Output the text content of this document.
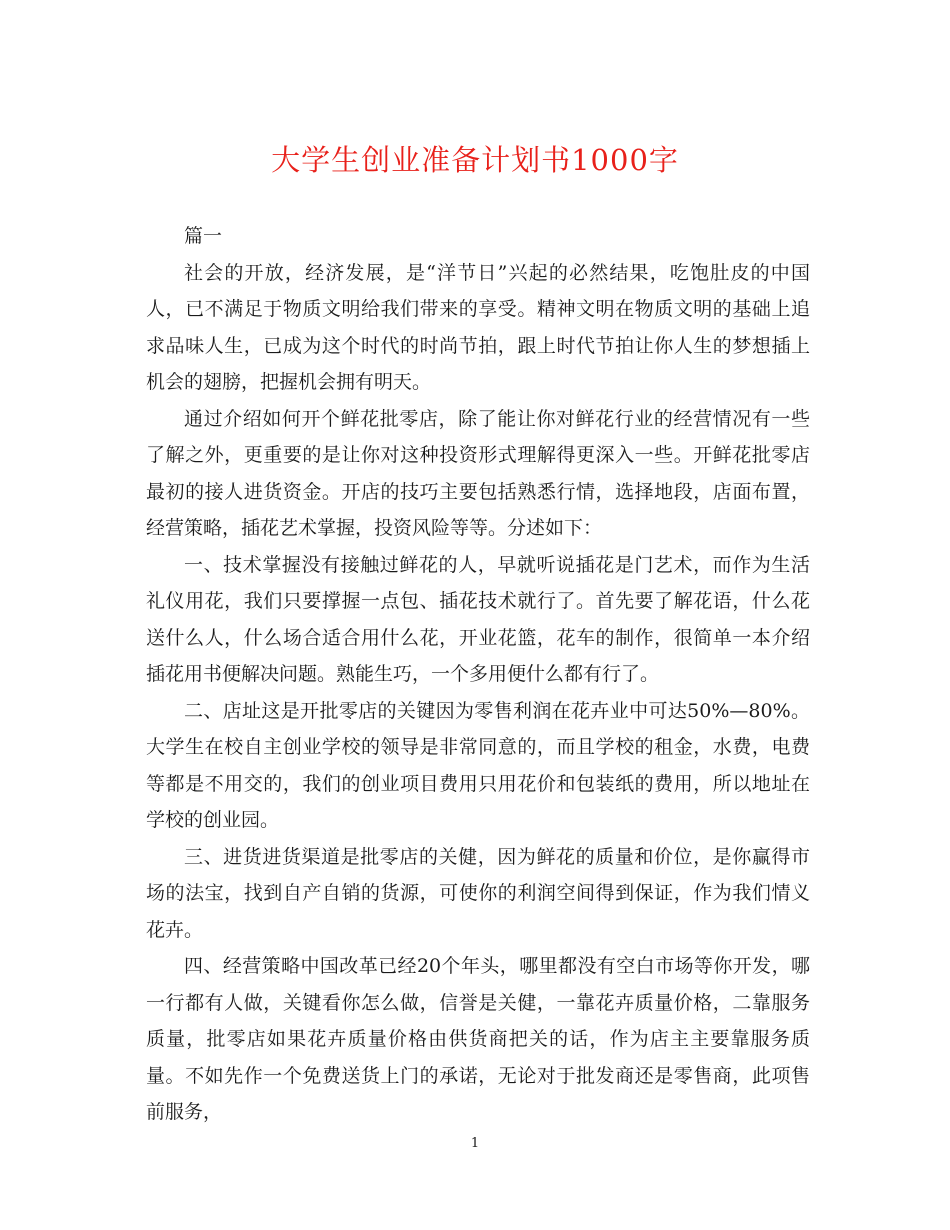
大学生创业准备计划书1000字

篇一

社会的开放，经济发展，是“洋节日”兴起的必然结果，吃饱肚皮的中国人，已不满足于物质文明给我们带来的享受。精神文明在物质文明的基础上追求品味人生，已成为这个时代的时尚节拍，跟上时代节拍让你人生的梦想插上机会的翅膀，把握机会拥有明天。

通过介绍如何开个鲜花批零店，除了能让你对鲜花行业的经营情况有一些了解之外，更重要的是让你对这种投资形式理解得更深入一些。开鲜花批零店最初的接人进货资金。开店的技巧主要包括熟悉行情，选择地段，店面布置，经营策略，插花艺术掌握，投资风险等等。分述如下：

一、技术掌握没有接触过鲜花的人，早就听说插花是门艺术，而作为生活礼仪用花，我们只要撑握一点包、插花技术就行了。首先要了解花语，什么花送什么人，什么场合适合用什么花，开业花篮，花车的制作，很简单一本介绍插花用书便解决问题。熟能生巧，一个多用便什么都有行了。

二、店址这是开批零店的关键因为零售利润在花卉业中可达50%—80%。大学生在校自主创业学校的领导是非常同意的，而且学校的租金，水费，电费等都是不用交的，我们的创业项目费用只用花价和包装纸的费用，所以地址在学校的创业园。

三、进货进货渠道是批零店的关健，因为鲜花的质量和价位，是你赢得市场的法宝，找到自产自销的货源，可使你的利润空间得到保证，作为我们情义花卉。

四、经营策略中国改革已经20个年头，哪里都没有空白市场等你开发，哪一行都有人做，关键看你怎么做，信誉是关健，一靠花卉质量价格，二靠服务质量，批零店如果花卉质量价格由供货商把关的话，作为店主主要靠服务质量。不如先作一个免费送货上门的承诺，无论对于批发商还是零售商，此项售前服务，

1
